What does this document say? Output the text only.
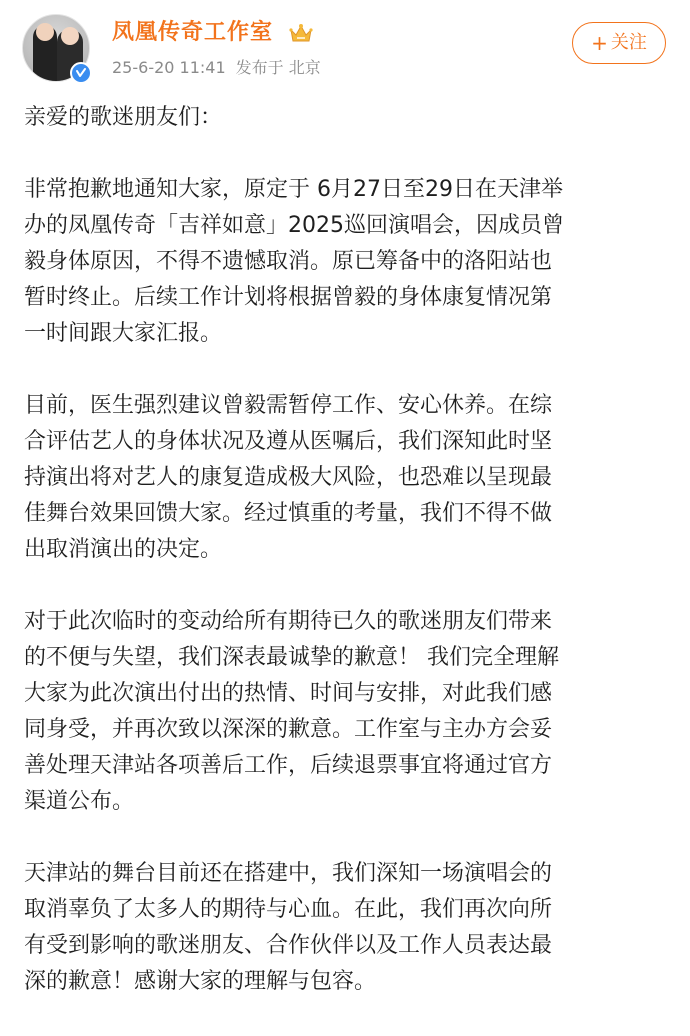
凤凰传奇工作室
25-6-20 11:41 发布于 北京
+ 关注

亲爱的歌迷朋友们：

非常抱歉地通知大家，原定于 6月27日至29日在天津举
办的凤凰传奇「吉祥如意」2025巡回演唱会，因成员曾
毅身体原因，不得不遗憾取消。原已筹备中的洛阳站也
暂时终止。后续工作计划将根据曾毅的身体康复情况第
一时间跟大家汇报。

目前，医生强烈建议曾毅需暂停工作、安心休养。在综
合评估艺人的身体状况及遵从医嘱后，我们深知此时坚
持演出将对艺人的康复造成极大风险，也恐难以呈现最
佳舞台效果回馈大家。经过慎重的考量，我们不得不做
出取消演出的决定。

对于此次临时的变动给所有期待已久的歌迷朋友们带来
的不便与失望，我们深表最诚挚的歉意！ 我们完全理解
大家为此次演出付出的热情、时间与安排，对此我们感
同身受，并再次致以深深的歉意。工作室与主办方会妥
善处理天津站各项善后工作，后续退票事宜将通过官方
渠道公布。

天津站的舞台目前还在搭建中，我们深知一场演唱会的
取消辜负了太多人的期待与心血。在此，我们再次向所
有受到影响的歌迷朋友、合作伙伴以及工作人员表达最
深的歉意！感谢大家的理解与包容。
